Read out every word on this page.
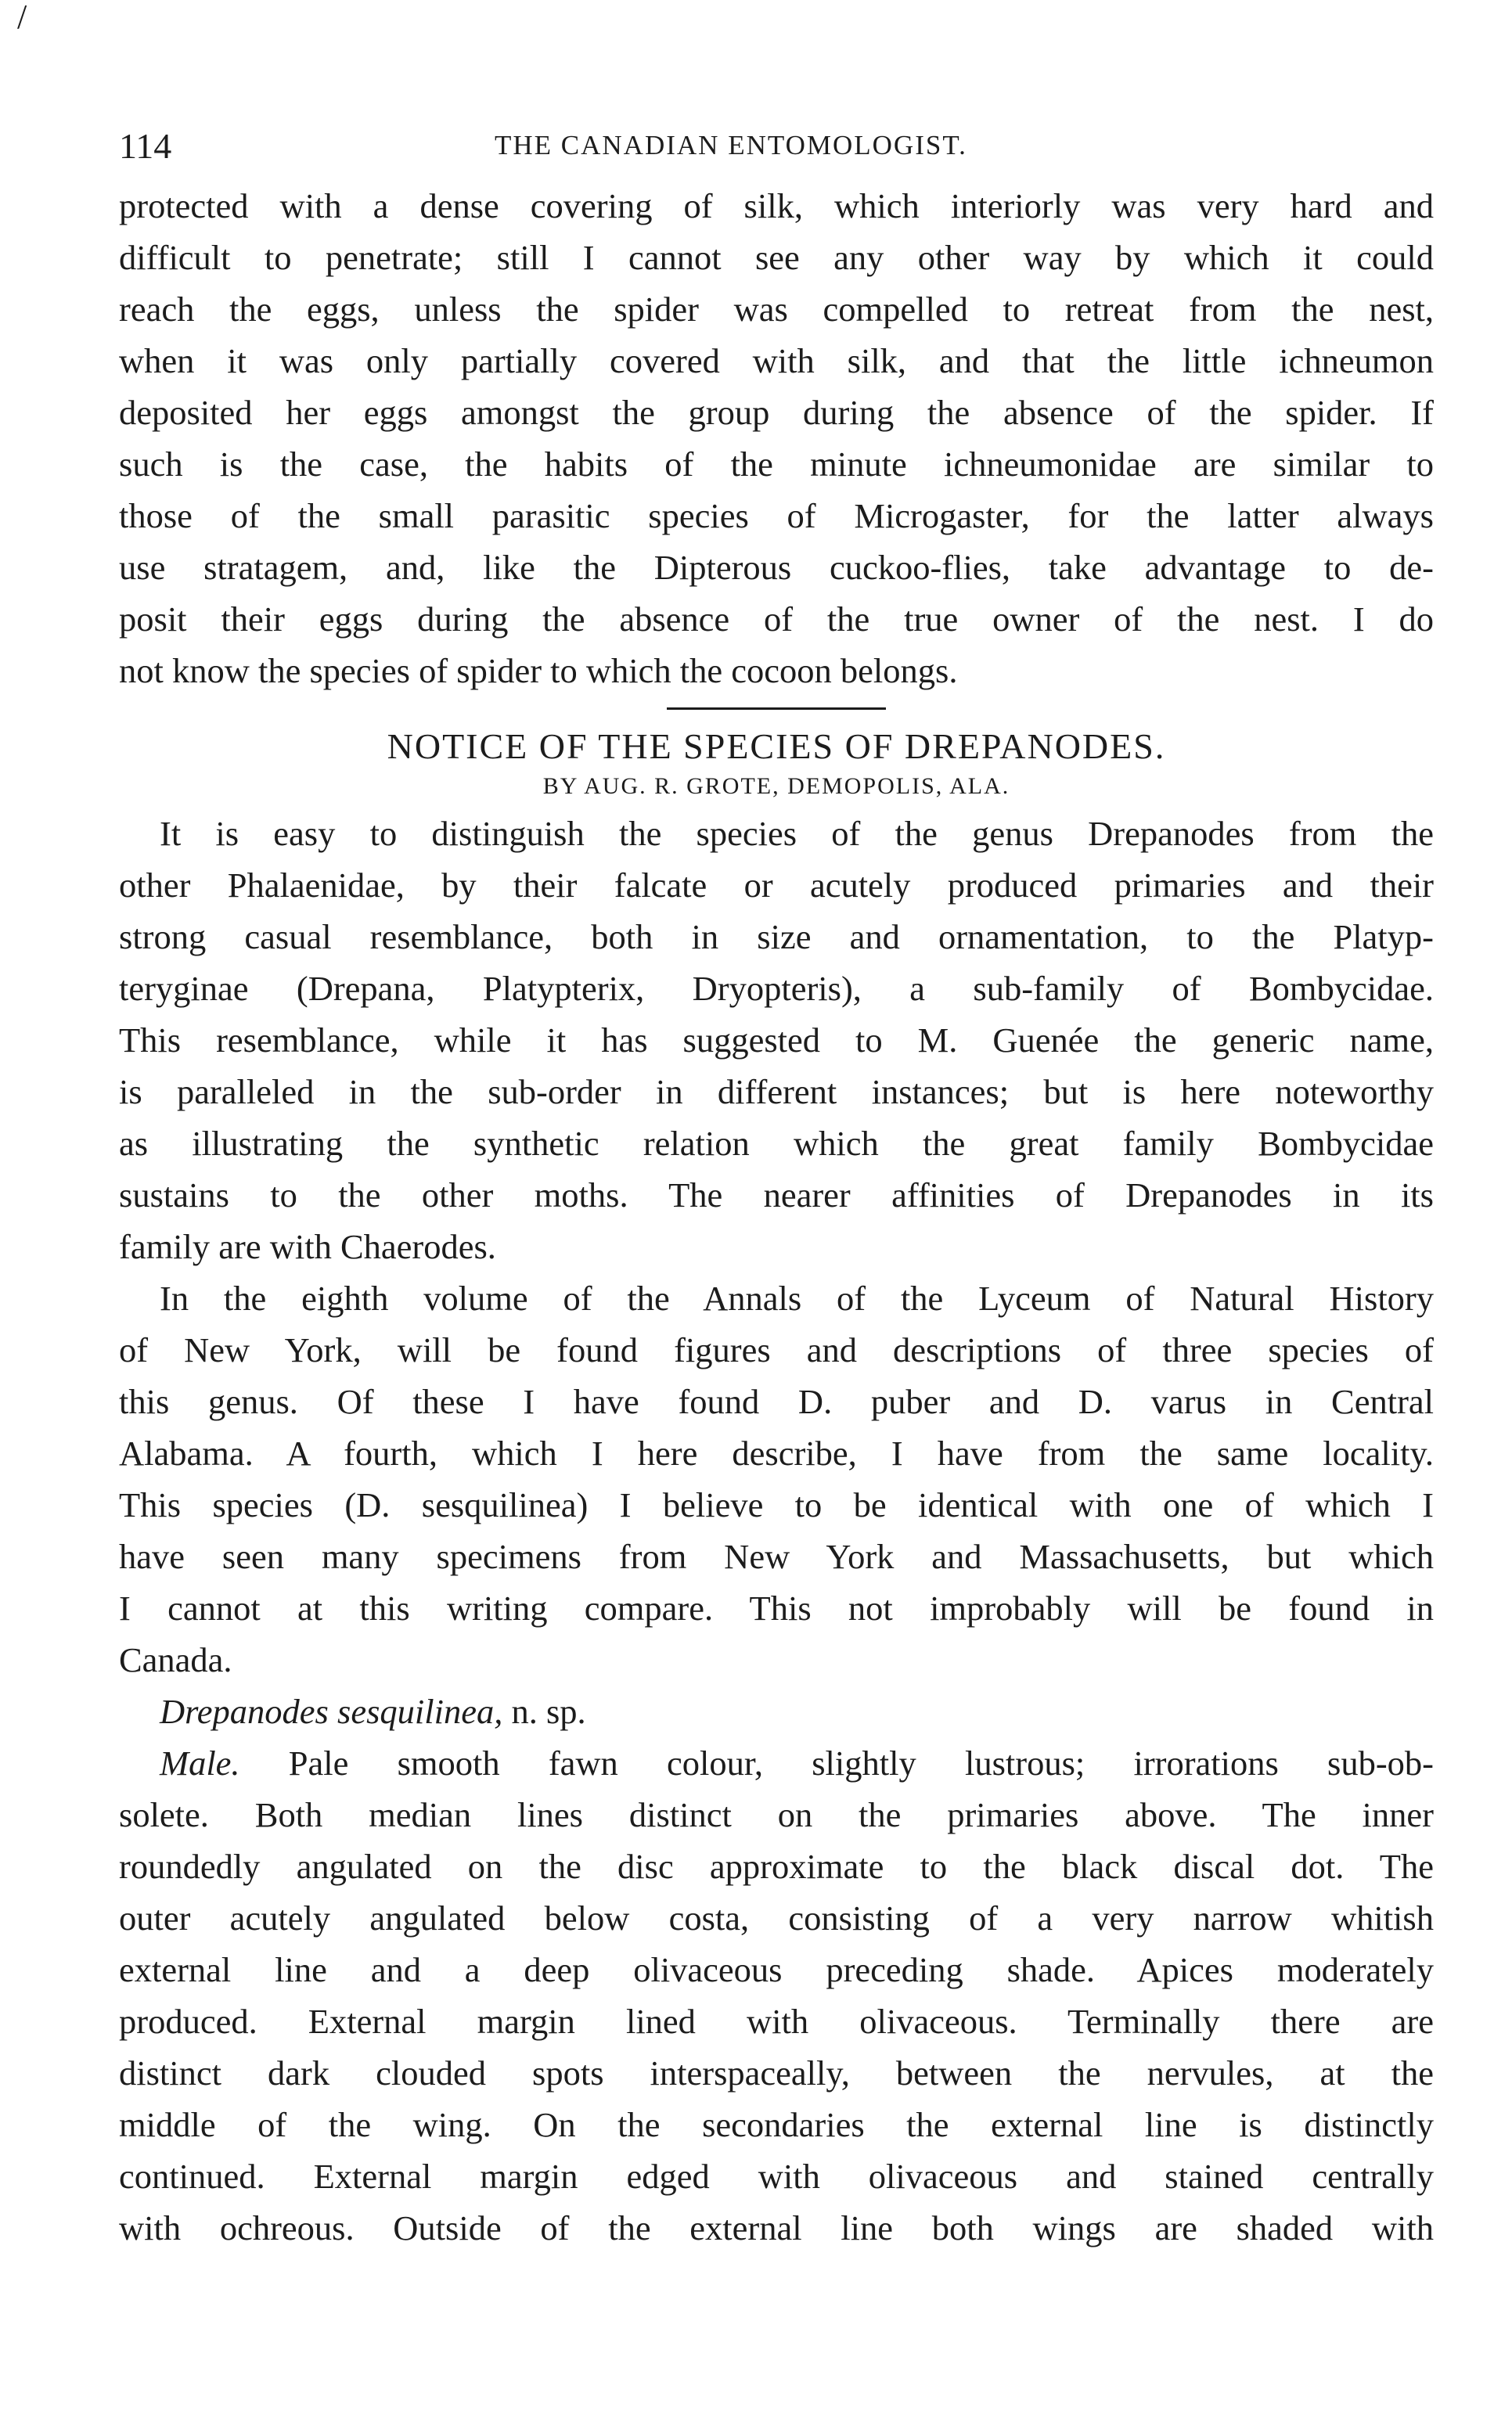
/
114	THE CANADIAN ENTOMOLOGIST.

protected with a dense covering of silk, which interiorly was very hard and
difficult to penetrate; still I cannot see any other way by which it could
reach the eggs, unless the spider was compelled to retreat from the nest,
when it was only partially covered with silk, and that the little ichneumon
deposited her eggs amongst the group during the absence of the spider. If
such is the case, the habits of the minute ichneumonidae are similar to
those of the small parasitic species of Microgaster, for the latter always
use stratagem, and, like the Dipterous cuckoo-flies, take advantage to de-
posit their eggs during the absence of the true owner of the nest. I do
not know the species of spider to which the cocoon belongs.

NOTICE OF THE SPECIES OF DREPANODES.
BY AUG. R. GROTE, DEMOPOLIS, ALA.

It is easy to distinguish the species of the genus Drepanodes from the
other Phalaenidae, by their falcate or acutely produced primaries and their
strong casual resemblance, both in size and ornamentation, to the Platyp-
teryginae (Drepana, Platypterix, Dryopteris), a sub-family of Bombycidae.
This resemblance, while it has suggested to M. Guenée the generic name,
is paralleled in the sub-order in different instances; but is here noteworthy
as illustrating the synthetic relation which the great family Bombycidae
sustains to the other moths. The nearer affinities of Drepanodes in its
family are with Chaerodes.

In the eighth volume of the Annals of the Lyceum of Natural History
of New York, will be found figures and descriptions of three species of
this genus. Of these I have found D. puber and D. varus in Central
Alabama. A fourth, which I here describe, I have from the same locality.
This species (D. sesquilinea) I believe to be identical with one of which I
have seen many specimens from New York and Massachusetts, but which
I cannot at this writing compare. This not improbably will be found in
Canada.

Drepanodes sesquilinea, n. sp.

Male. Pale smooth fawn colour, slightly lustrous; irrorations sub-ob-
solete. Both median lines distinct on the primaries above. The inner
roundedly angulated on the disc approximate to the black discal dot. The
outer acutely angulated below costa, consisting of a very narrow whitish
external line and a deep olivaceous preceding shade. Apices moderately
produced. External margin lined with olivaceous. Terminally there are
distinct dark clouded spots interspaceally, between the nervules, at the
middle of the wing. On the secondaries the external line is distinctly
continued. External margin edged with olivaceous and stained centrally
with ochreous. Outside of the external line both wings are shaded with
